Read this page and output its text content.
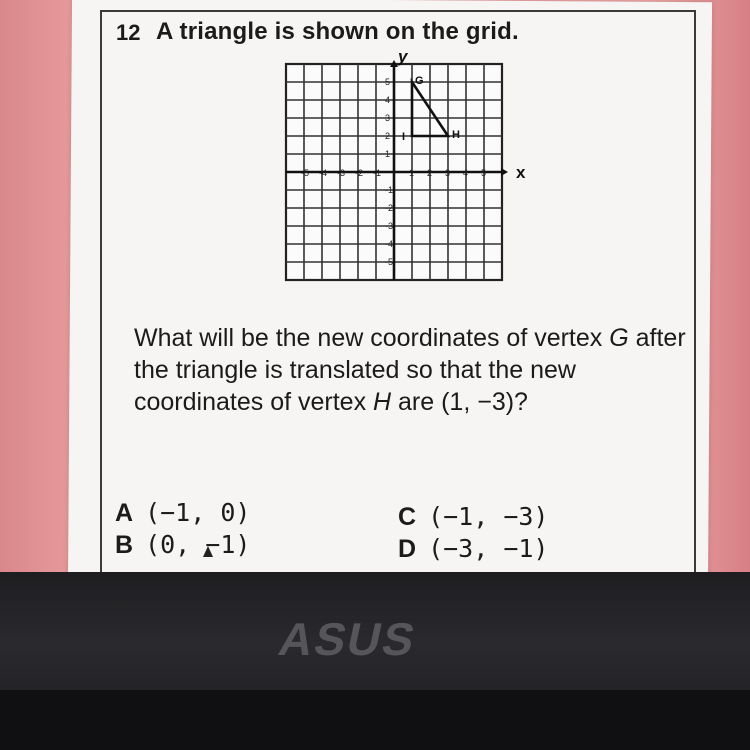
12 A triangle is shown on the grid.
x
y
-5 -4 -3 -2 -1	1 2 3 4 5
5
4
3
2
1
-1
-2
-3
-4
-5
G
H
I
What will be the new coordinates of vertex G after the triangle is translated so that the new coordinates of vertex H are (1, −3)?
A (−1, 0)
B (0, −1)
C (−1, −3)
D (−3, −1)
ASUS
